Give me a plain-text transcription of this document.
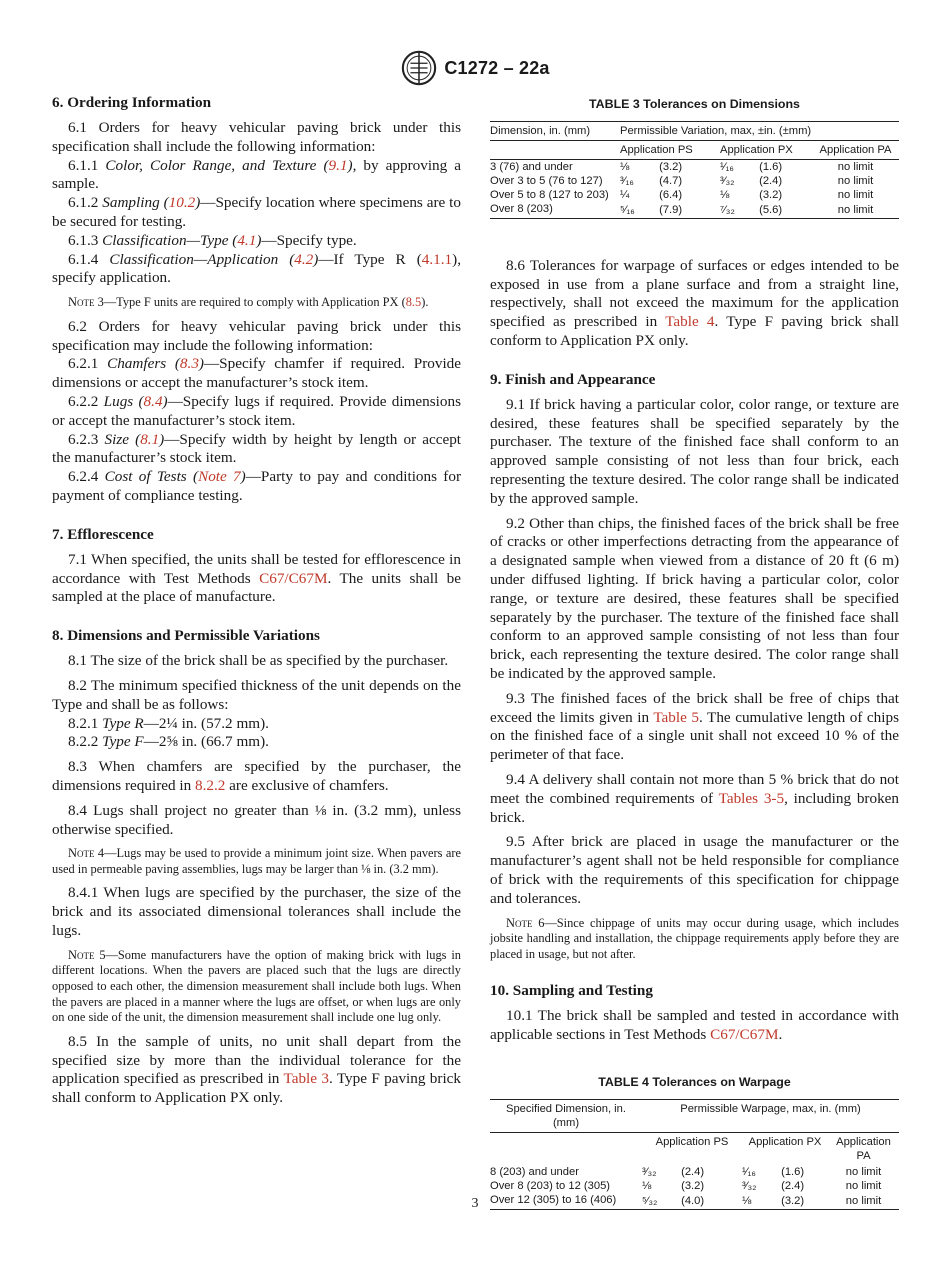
C1272 – 22a
6. Ordering Information

6.1 Orders for heavy vehicular paving brick under this specification shall include the following information:

6.1.1 Color, Color Range, and Texture (9.1), by approving a sample.

6.1.2 Sampling (10.2)—Specify location where specimens are to be secured for testing.

6.1.3 Classification—Type (4.1)—Specify type.

6.1.4 Classification—Application (4.2)—If Type R (4.1.1), specify application.

Note 3—Type F units are required to comply with Application PX (8.5).

6.2 Orders for heavy vehicular paving brick under this specification may include the following information:

6.2.1 Chamfers (8.3)—Specify chamfer if required. Provide dimensions or accept the manufacturer’s stock item.

6.2.2 Lugs (8.4)—Specify lugs if required. Provide dimensions or accept the manufacturer’s stock item.

6.2.3 Size (8.1)—Specify width by height by length or accept the manufacturer’s stock item.

6.2.4 Cost of Tests (Note 7)—Party to pay and conditions for payment of compliance testing.

7. Efflorescence

7.1 When specified, the units shall be tested for efflorescence in accordance with Test Methods C67/C67M. The units shall be sampled at the place of manufacture.

8. Dimensions and Permissible Variations

8.1 The size of the brick shall be as specified by the purchaser.

8.2 The minimum specified thickness of the unit depends on the Type and shall be as follows:

8.2.1 Type R—2¼ in. (57.2 mm).

8.2.2 Type F—2⅝ in. (66.7 mm).

8.3 When chamfers are specified by the purchaser, the dimensions required in 8.2.2 are exclusive of chamfers.

8.4 Lugs shall project no greater than ⅛ in. (3.2 mm), unless otherwise specified.

Note 4—Lugs may be used to provide a minimum joint size. When pavers are used in permeable paving assemblies, lugs may be larger than ⅛ in. (3.2 mm).

8.4.1 When lugs are specified by the purchaser, the size of the brick and its associated dimensional tolerances shall include the lugs.

Note 5—Some manufacturers have the option of making brick with lugs in different locations. When the pavers are placed such that the lugs are directly opposed to each other, the dimension measurement shall include both lugs. When the pavers are placed in a manner where the lugs are offset, or when lugs are only on one side of the unit, the dimension measurement shall include one lug only.

8.5 In the sample of units, no unit shall depart from the specified size by more than the individual tolerance for the application specified as prescribed in Table 3. Type F paving brick shall conform to Application PX only.

TABLE 3 Tolerances on Dimensions
Dimension, in. (mm)	Permissible Variation, max, ±in. (±mm)		
	Application PS	Application PX	Application PA
3 (76) and under	⅛ (3.2)	¹⁄₁₆ (1.6)	no limit
Over 3 to 5 (76 to 127)	³⁄₁₆ (4.7)	³⁄₃₂ (2.4)	no limit
Over 5 to 8 (127 to 203)	¼ (6.4)	⅛ (3.2)	no limit
Over 8 (203)	⁵⁄₁₆ (7.9)	⁷⁄₃₂ (5.6)	no limit

8.6 Tolerances for warpage of surfaces or edges intended to be exposed in use from a plane surface and from a straight line, respectively, shall not exceed the maximum for the application specified as prescribed in Table 4. Type F paving brick shall conform to Application PX only.

9. Finish and Appearance

9.1 If brick having a particular color, color range, or texture are desired, these features shall be specified separately by the purchaser. The texture of the finished face shall conform to an approved sample consisting of not less than four brick, each representing the texture desired. The color range shall be indicated by the approved sample.

9.2 Other than chips, the finished faces of the brick shall be free of cracks or other imperfections detracting from the appearance of a designated sample when viewed from a distance of 20 ft (6 m) under diffused lighting. If brick having a particular color, color range, or texture are desired, these features shall be specified separately by the purchaser. The texture of the finished face shall conform to an approved sample consisting of not less than four brick, each representing the texture desired. The color range shall be indicated by the approved sample.

9.3 The finished faces of the brick shall be free of chips that exceed the limits given in Table 5. The cumulative length of chips on the finished face of a single unit shall not exceed 10 % of the perimeter of that face.

9.4 A delivery shall contain not more than 5 % brick that do not meet the combined requirements of Tables 3-5, including broken brick.

9.5 After brick are placed in usage the manufacturer or the manufacturer’s agent shall not be held responsible for compliance of brick with the requirements of this specification for chippage and tolerances.

Note 6—Since chippage of units may occur during usage, which includes jobsite handling and installation, the chippage requirements apply before they are placed in usage, but not after.
10. Sampling and Testing

10.1 The brick shall be sampled and tested in accordance with applicable sections in Test Methods C67/C67M.

TABLE 4 Tolerances on Warpage
Specified Dimension, in. (mm)	Permissible Warpage, max, in. (mm)		
	Application PS	Application PX	Application PA
8 (203) and under	³⁄₃₂ (2.4)	¹⁄₁₆ (1.6)	no limit
Over 8 (203) to 12 (305)	⅛ (3.2)	³⁄₃₂ (2.4)	no limit
Over 12 (305) to 16 (406)	⁵⁄₃₂ (4.0)	⅛ (3.2)	no limit
3
